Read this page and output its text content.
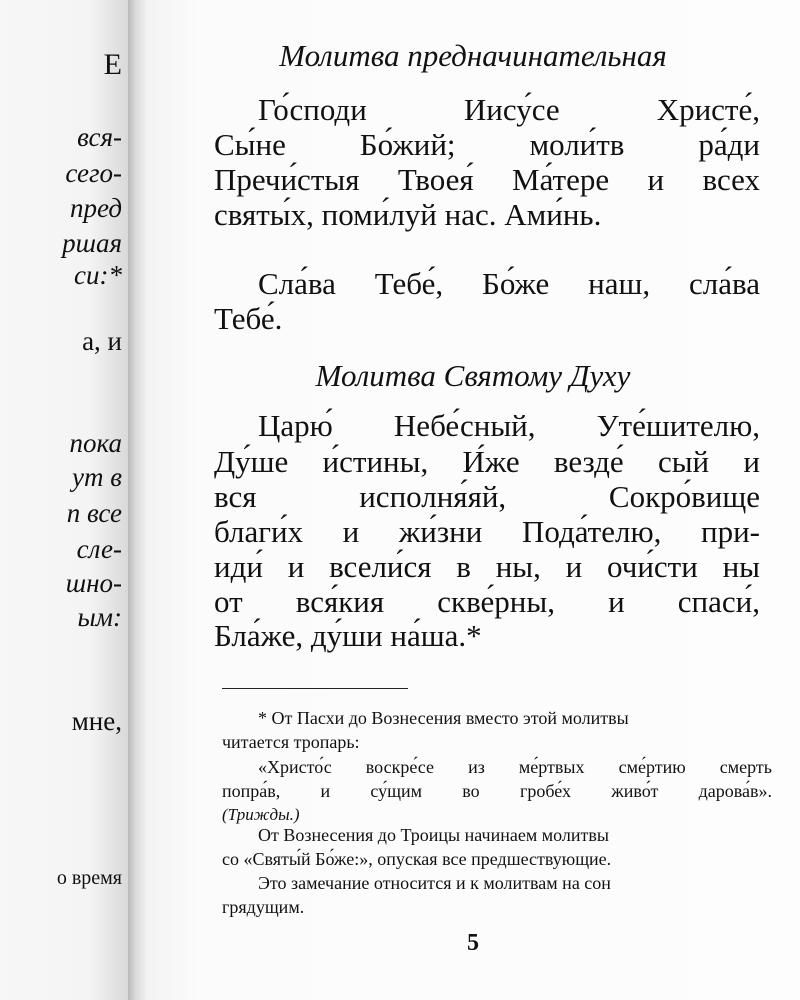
Е
вся-
сего-
пред
ршая
си:*
а, и
пока
ут в
п все
сле-
шно-
ым:
мне,
о время
Молитва предначинательная
Го́споди Иису́се Христе́,
Сы́не Бо́жий; моли́тв ра́ди
Пречи́стыя Твоея́ Ма́тере и всех
святы́х, поми́луй нас. Ами́нь.
Сла́ва Тебе́, Бо́же наш, сла́ва
Тебе́.
Молитва Святому Духу
Царю́ Небе́сный, Уте́шителю,
Ду́ше и́стины, И́же везде́ сый и
вся исполня́яй, Сокро́вище
благи́х и жи́зни Пода́телю, при-
иди́ и всели́ся в ны, и очи́сти ны
от вся́кия скве́рны, и спаси́,
Бла́же, ду́ши на́ша.*
* От Пасхи до Вознесения вместо этой молитвы
читается тропарь:
«Христо́с воскре́се из ме́ртвых сме́ртию смерть
попра́в, и су́щим во гробе́х живо́т дарова́в».
(Трижды.)
От Вознесения до Троицы начинаем молитвы
со «Святы́й Бо́же:», опуская все предшествующие.
Это замечание относится и к молитвам на сон
грядущим.
5
